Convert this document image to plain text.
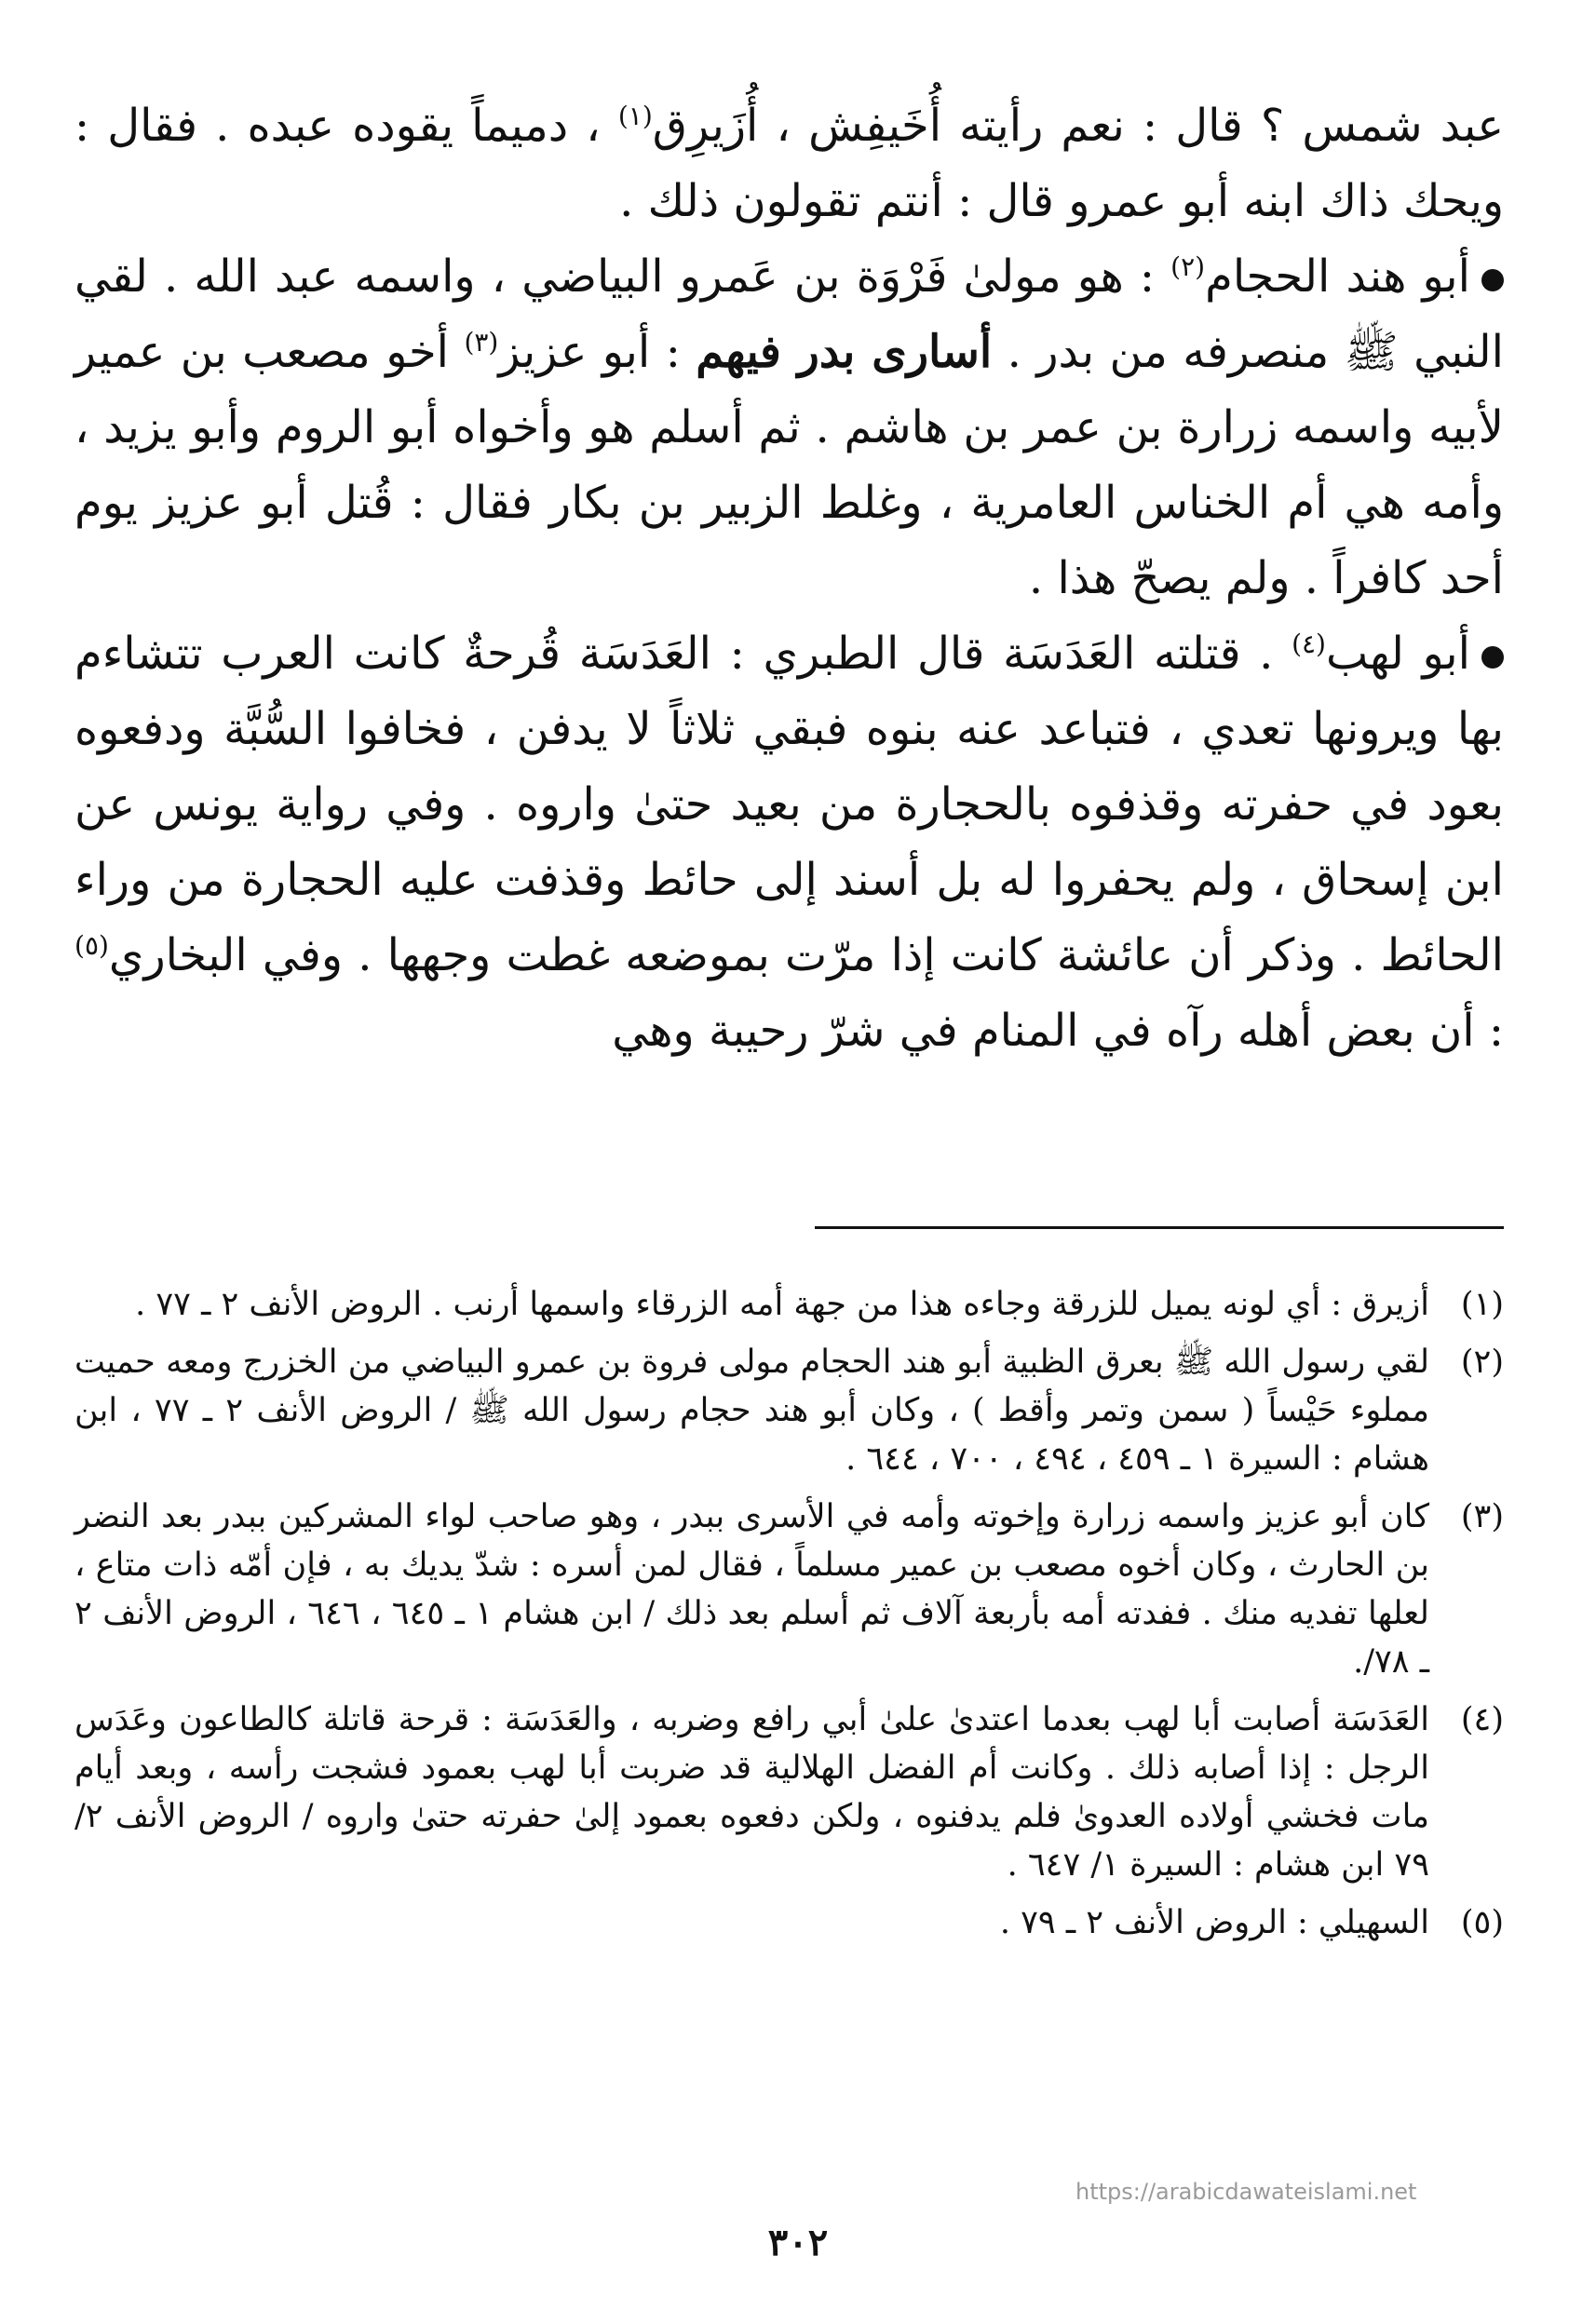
عبد شمس ؟ قال : نعم رأيته أُخَيفِش ، أُزَيرِق$^{(١)}$ ، دميماً يقوده عبده . فقال : ويحك ذاك ابنه أبو عمرو قال : أنتم تقولون ذلك .

أبو هند الحجام$^{(٢)}$ : هو مولىٰ فَرْوَة بن عَمرو البياضي ، واسمه عبد الله . لقي النبي ﷺ منصرفه من بدر . أسارى بدر فيهم : أبو عزيز$^{(٣)}$ أخو مصعب بن عمير لأبيه واسمه زرارة بن عمر بن هاشم . ثم أسلم هو وأخواه أبو الروم وأبو يزيد ، وأمه هي أم الخناس العامرية ، وغلط الزبير بن بكار فقال : قُتل أبو عزيز يوم أحد كافراً . ولم يصحّ هذا .

أبو لهب$^{(٤)}$ . قتلته العَدَسَة قال الطبري : العَدَسَة قُرحةٌ كانت العرب تتشاءم بها ويرونها تعدي ، فتباعد عنه بنوه فبقي ثلاثاً لا يدفن ، فخافوا السُّبَّة ودفعوه بعود في حفرته وقذفوه بالحجارة من بعيد حتىٰ واروه . وفي رواية يونس عن ابن إسحاق ، ولم يحفروا له بل أسند إلى حائط وقذفت عليه الحجارة من وراء الحائط . وذكر أن عائشة كانت إذا مرّت بموضعه غطت وجهها . وفي البخاري$^{(٥)}$ : أن بعض أهله رآه في المنام في شرّ رحيبة وهي

(١)
أزيرق : أي لونه يميل للزرقة وجاءه هذا من جهة أمه الزرقاء واسمها أرنب . الروض الأنف ٢ ـ ٧٧ .
(٢)
لقي رسول الله ﷺ بعرق الظبية أبو هند الحجام مولى فروة بن عمرو البياضي من الخزرج ومعه حميت مملوء حَيْساً ( سمن وتمر وأقط ) ، وكان أبو هند حجام رسول الله ﷺ / الروض الأنف ٢ ـ ٧٧ ، ابن هشام : السيرة ١ ـ ٤٥٩ ، ٤٩٤ ، ٧٠٠ ، ٦٤٤ .
(٣)
كان أبو عزيز واسمه زرارة وإخوته وأمه في الأسرى ببدر ، وهو صاحب لواء المشركين ببدر بعد النضر بن الحارث ، وكان أخوه مصعب بن عمير مسلماً ، فقال لمن أسره : شدّ يديك به ، فإن أمّه ذات متاع ، لعلها تفديه منك . ففدته أمه بأربعة آلاف ثم أسلم بعد ذلك / ابن هشام ١ ـ ٦٤٥ ، ٦٤٦ ، الروض الأنف ٢ ـ ٧٨/.
(٤)
العَدَسَة أصابت أبا لهب بعدما اعتدىٰ علىٰ أبي رافع وضربه ، والعَدَسَة : قرحة قاتلة كالطاعون وعَدَس الرجل : إذا أصابه ذلك . وكانت أم الفضل الهلالية قد ضربت أبا لهب بعمود فشجت رأسه ، وبعد أيام مات فخشي أولاده العدوىٰ فلم يدفنوه ، ولكن دفعوه بعمود إلىٰ حفرته حتىٰ واروه / الروض الأنف ٢/ ٧٩ ابن هشام : السيرة ١/ ٦٤٧ .
(٥)
السهيلي : الروض الأنف ٢ ـ ٧٩ .
https://arabicdawateislami.net
٣٠٢
